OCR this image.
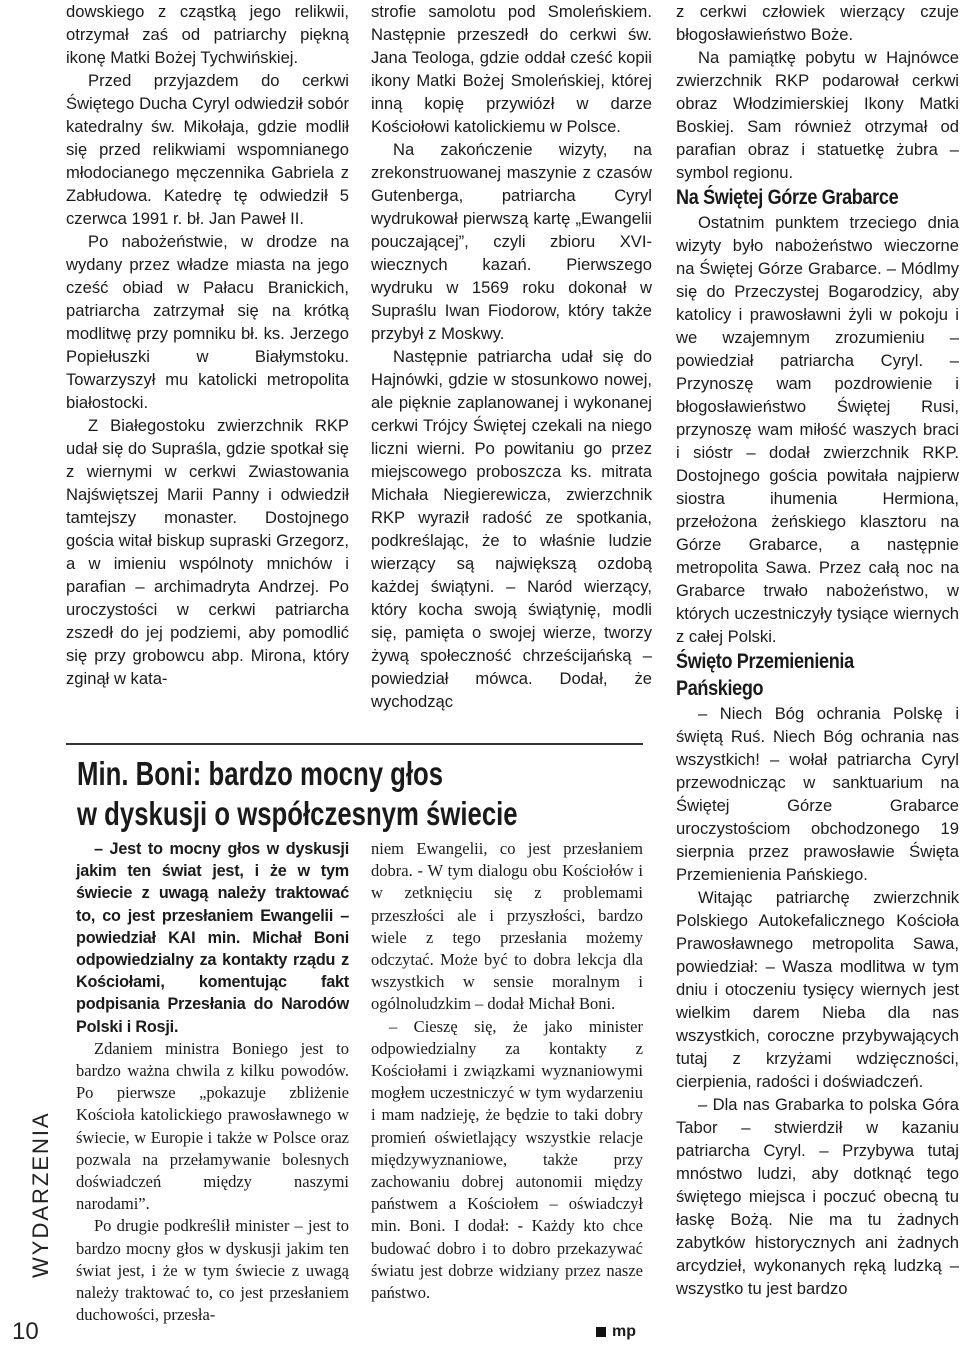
WYDARZENIA
10

dowskiego z cząstką jego relikwii, otrzymał zaś od patriarchy piękną ikonę Matki Bożej Tychwińskiej.

Przed przyjazdem do cerkwi Świętego Ducha Cyryl odwiedził sobór katedralny św. Mikołaja, gdzie modlił się przed relikwiami wspomnianego młodocianego męczennika Gabriela z Zabłudowa. Katedrę tę odwiedził 5 czerwca 1991 r. bł. Jan Paweł II.

Po nabożeństwie, w drodze na wydany przez władze miasta na jego cześć obiad w Pałacu Branickich, patriarcha zatrzymał się na krótką modlitwę przy pomniku bł. ks. Jerzego Popiełuszki w Białymstoku. Towarzyszył mu katolicki metropolita białostocki.

Z Białegostoku zwierzchnik RKP udał się do Supraśla, gdzie spotkał się z wiernymi w cerkwi Zwiastowania Najświętszej Marii Panny i odwiedził tamtejszy monaster. Dostojnego gościa witał biskup supraski Grzegorz, a w imieniu wspólnoty mnichów i parafian – archimadryta Andrzej. Po uroczystości w cerkwi patriarcha zszedł do jej podziemi, aby pomodlić się przy grobowcu abp. Mirona, który zginął w kata-

strofie samolotu pod Smoleńskiem. Następnie przeszedł do cerkwi św. Jana Teologa, gdzie oddał cześć kopii ikony Matki Bożej Smoleńskiej, której inną kopię przywiózł w darze Kościołowi katolickiemu w Polsce.

Na zakończenie wizyty, na zrekonstruowanej maszynie z czasów Gutenberga, patriarcha Cyryl wydrukował pierwszą kartę „Ewangelii pouczającej”, czyli zbioru XVI-wiecznych kazań. Pierwszego wydruku w 1569 roku dokonał w Supraślu Iwan Fiodorow, który także przybył z Moskwy.

Następnie patriarcha udał się do Hajnówki, gdzie w stosunkowo nowej, ale pięknie zaplanowanej i wykonanej cerkwi Trójcy Świętej czekali na niego liczni wierni. Po powitaniu go przez miejscowego proboszcza ks. mitrata Michała Niegierewicza, zwierzchnik RKP wyraził radość ze spotkania, podkreślając, że to właśnie ludzie wierzący są największą ozdobą każdej świątyni. – Naród wierzący, który kocha swoją świątynię, modli się, pamięta o swojej wierze, tworzy żywą społeczność chrześcijańską – powiedział mówca. Dodał, że wychodząc

z cerkwi człowiek wierzący czuje błogosławieństwo Boże.

Na pamiątkę pobytu w Hajnówce zwierzchnik RKP podarował cerkwi obraz Włodzimierskiej Ikony Matki Boskiej. Sam również otrzymał od parafian obraz i statuetkę żubra – symbol regionu.

Na Świętej Górze Grabarce

Ostatnim punktem trzeciego dnia wizyty było nabożeństwo wieczorne na Świętej Górze Grabarce. – Módlmy się do Przeczystej Bogarodzicy, aby katolicy i prawosławni żyli w pokoju i we wzajemnym zrozumieniu – powiedział patriarcha Cyryl. – Przynoszę wam pozdrowienie i błogosławieństwo Świętej Rusi, przynoszę wam miłość waszych braci i sióstr – dodał zwierzchnik RKP. Dostojnego gościa powitała najpierw siostra ihumenia Hermiona, przełożona żeńskiego klasztoru na Górze Grabarce, a następnie metropolita Sawa. Przez całą noc na Grabarce trwało nabożeństwo, w których uczestniczyły tysiące wiernych z całej Polski.

Święto Przemienienia Pańskiego

– Niech Bóg ochrania Polskę i świętą Ruś. Niech Bóg ochrania nas wszystkich! – wołał patriarcha Cyryl przewodnicząc w sanktuarium na Świętej Górze Grabarce uroczystościom obchodzonego 19 sierpnia przez prawosławie Święta Przemienienia Pańskiego.

Witając patriarchę zwierzchnik Polskiego Autokefalicznego Kościoła Prawosławnego metropolita Sawa, powiedział: – Wasza modlitwa w tym dniu i otoczeniu tysięcy wiernych jest wielkim darem Nieba dla nas wszystkich, coroczne przybywających tutaj z krzyżami wdzięczności, cierpienia, radości i doświadczeń.

– Dla nas Grabarka to polska Góra Tabor – stwierdził w kazaniu patriarcha Cyryl. – Przybywa tutaj mnóstwo ludzi, aby dotknąć tego świętego miejsca i poczuć obecną tu łaskę Bożą. Nie ma tu żadnych zabytków historycznych ani żadnych arcydzieł, wykonanych ręką ludzką – wszystko tu jest bardzo

Min. Boni: bardzo mocny głos
w dyskusji o współczesnym świecie

– Jest to mocny głos w dyskusji jakim ten świat jest, i że w tym świecie z uwagą należy traktować to, co jest przesłaniem Ewangelii – powiedział KAI min. Michał Boni odpowiedzialny za kontakty rządu z Kościołami, komentując fakt podpisania Przesłania do Narodów Polski i Rosji.

Zdaniem ministra Boniego jest to bardzo ważna chwila z kilku powodów. Po pierwsze „pokazuje zbliżenie Kościoła katolickiego prawosławnego w świecie, w Europie i także w Polsce oraz pozwala na przełamywanie bolesnych doświadczeń między naszymi narodami”.

Po drugie podkreślił minister – jest to bardzo mocny głos w dyskusji jakim ten świat jest, i że w tym świecie z uwagą należy traktować to, co jest przesłaniem duchowości, przesła-

niem Ewangelii, co jest przesłaniem dobra. - W tym dialogu obu Kościołów i w zetknięciu się z problemami przeszłości ale i przyszłości, bardzo wiele z tego przesłania możemy odczytać. Może być to dobra lekcja dla wszystkich w sensie moralnym i ogólnoludzkim – dodał Michał Boni.

– Cieszę się, że jako minister odpowiedzialny za kontakty z Kościołami i związkami wyznaniowymi mogłem uczestniczyć w tym wydarzeniu i mam nadzieję, że będzie to taki dobry promień oświetlający wszystkie relacje międzywyznaniowe, także przy zachowaniu dobrej autonomii między państwem a Kościołem – oświadczył min. Boni. I dodał: - Każdy kto chce budować dobro i to dobro przekazywać światu jest dobrze widziany przez nasze państwo.

mp
